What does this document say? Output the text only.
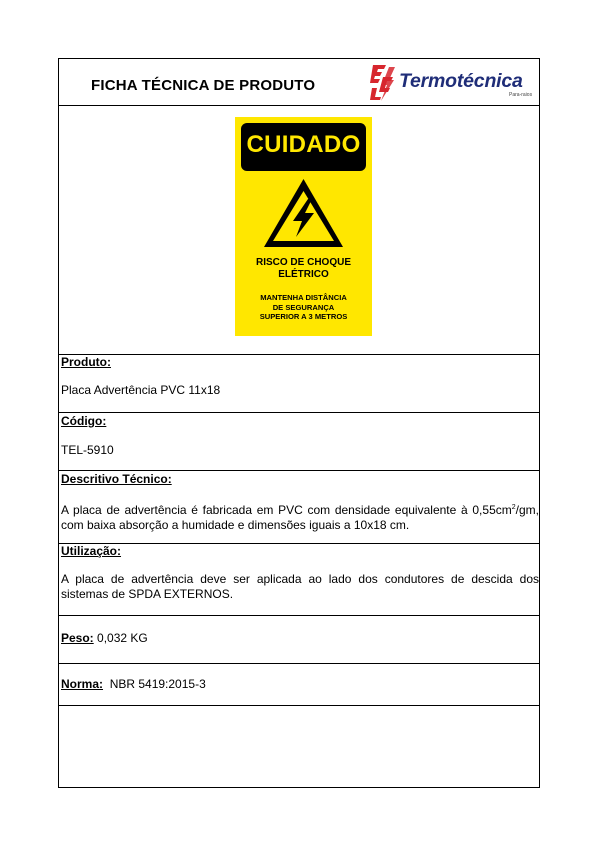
FICHA TÉCNICA DE PRODUTO	Termotécnica
Para-raios
CUIDADO
RISCO DE CHOQUE
ELÉTRICO
MANTENHA DISTÂNCIA
DE SEGURANÇA
SUPERIOR A 3 METROS
Produto:
Placa Advertência PVC 11x18
Código:
TEL-5910
Descritivo Técnico:
A placa de advertência é fabricada em PVC com densidade equivalente à $0,55cm^2/gm$, com baixa absorção a humidade e dimensões iguais a 10x18 cm.
Utilização:
A placa de advertência deve ser aplicada ao lado dos condutores de descida dos sistemas de SPDA EXTERNOS.
Peso: 0,032 KG
Norma: NBR 5419:2015-3
